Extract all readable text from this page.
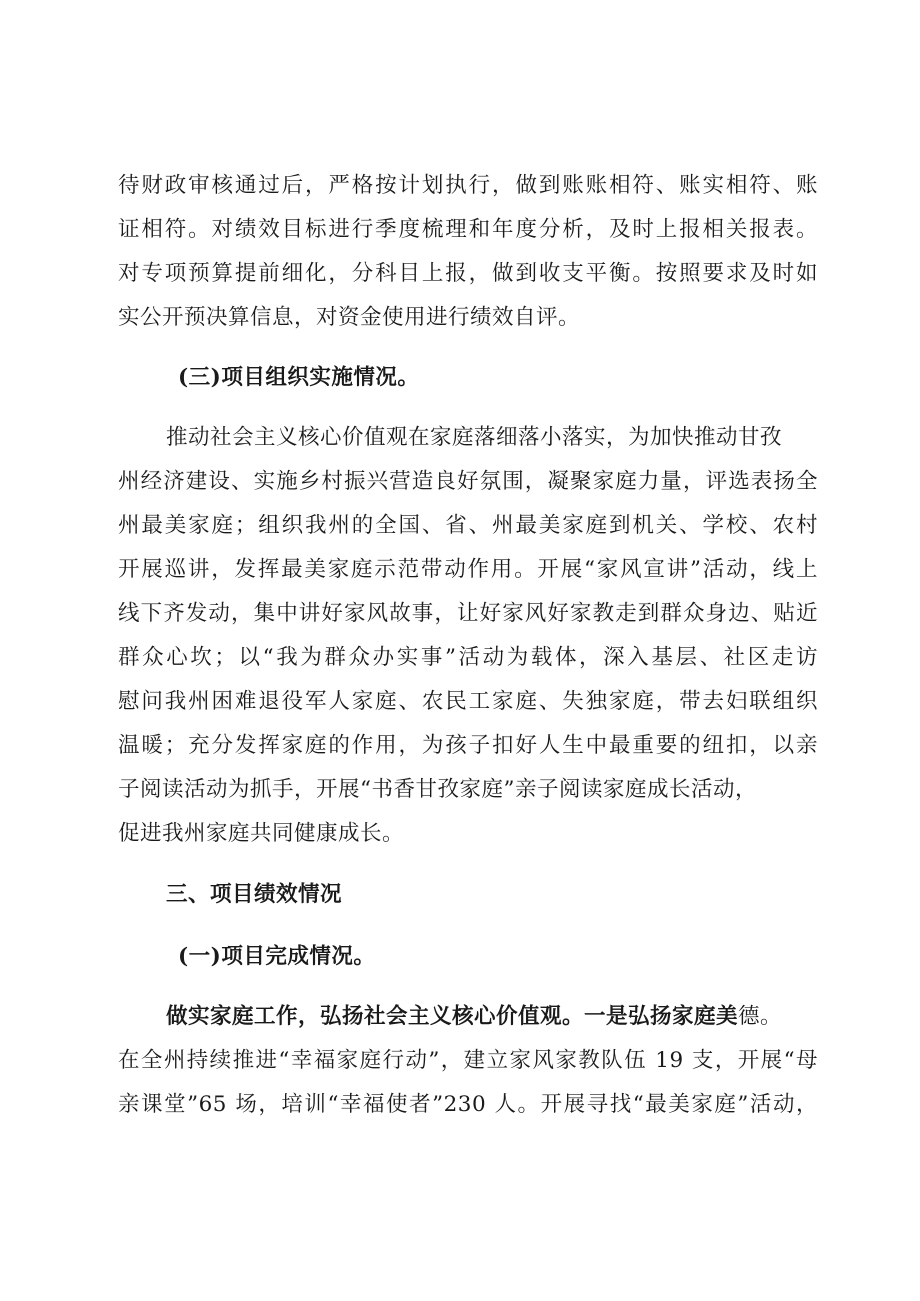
待财政审核通过后，严格按计划执行，做到账账相符、账实相符、账
证相符。对绩效目标进行季度梳理和年度分析，及时上报相关报表。
对专项预算提前细化，分科目上报，做到收支平衡。按照要求及时如
实公开预决算信息，对资金使用进行绩效自评。
(三)项目组织实施情况。
推动社会主义核心价值观在家庭落细落小落实，为加快推动甘孜
州经济建设、实施乡村振兴营造良好氛围，凝聚家庭力量，评选表扬全
州最美家庭；组织我州的全国、省、州最美家庭到机关、学校、农村
开展巡讲，发挥最美家庭示范带动作用。开展“家风宣讲”活动，线上
线下齐发动，集中讲好家风故事，让好家风好家教走到群众身边、贴近
群众心坎；以“我为群众办实事”活动为载体，深入基层、社区走访
慰问我州困难退役军人家庭、农民工家庭、失独家庭，带去妇联组织
温暖；充分发挥家庭的作用，为孩子扣好人生中最重要的纽扣，以亲
子阅读活动为抓手，开展“书香甘孜家庭”亲子阅读家庭成长活动，
促进我州家庭共同健康成长。
三、项目绩效情况
(一)项目完成情况。
做实家庭工作，弘扬社会主义核心价值观。一是弘扬家庭美德。
在全州持续推进“幸福家庭行动”，建立家风家教队伍 19 支，开展“母
亲课堂”65 场，培训“幸福使者”230 人。开展寻找“最美家庭”活动，
